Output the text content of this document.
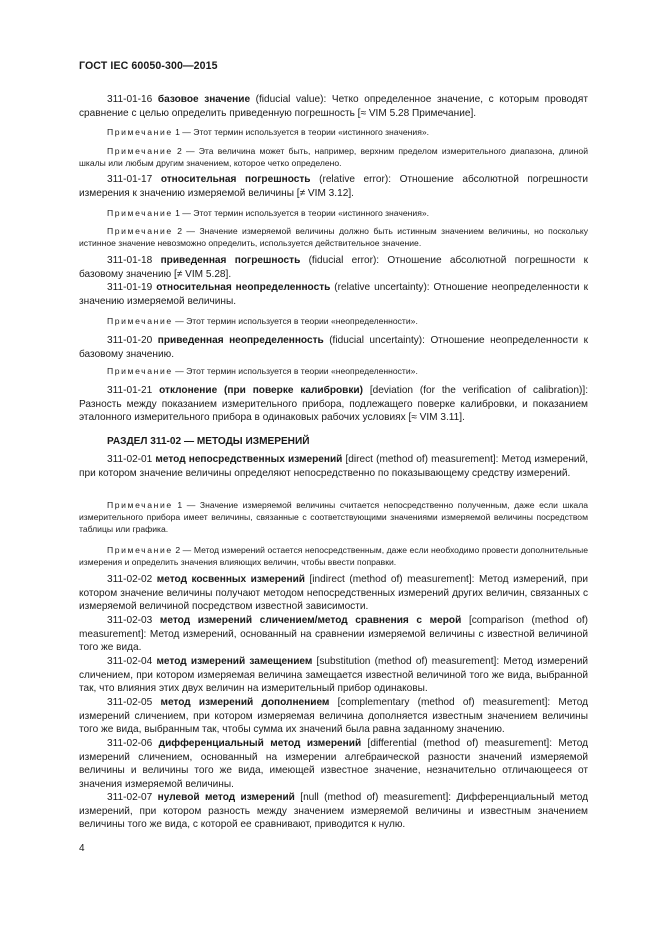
ГОСТ IEC 60050-300—2015

311-01-16 базовое значение (fiducial value): Четко определенное значение, с которым проводят сравнение с целью определить приведенную погрешность [≈ VIM 5.28 Примечание].

Примечание 1 — Этот термин используется в теории «истинного значения».

Примечание 2 — Эта величина может быть, например, верхним пределом измерительного диапазона, длиной шкалы или любым другим значением, которое четко определено.

311-01-17 относительная погрешность (relative error): Отношение абсолютной погрешности измерения к значению измеряемой величины [≠ VIM 3.12].

Примечание 1 — Этот термин используется в теории «истинного значения».

Примечание 2 — Значение измеряемой величины должно быть истинным значением величины, но поскольку истинное значение невозможно определить, используется действительное значение.

311-01-18 приведенная погрешность (fiducial error): Отношение абсолютной погрешности к базовому значению [≠ VIM 5.28].

311-01-19 относительная неопределенность (relative uncertainty): Отношение неопределенности к значению измеряемой величины.

Примечание — Этот термин используется в теории «неопределенности».

311-01-20 приведенная неопределенность (fiducial uncertainty): Отношение неопределенности к базовому значению.

Примечание — Этот термин используется в теории «неопределенности».

311-01-21 отклонение (при поверке калибровки) [deviation (for the verification of calibration)]: Разность между показанием измерительного прибора, подлежащего поверке калибровки, и показанием эталонного измерительного прибора в одинаковых рабочих условиях [≈ VIM 3.11].

РАЗДЕЛ 311-02 — МЕТОДЫ ИЗМЕРЕНИЙ

311-02-01 метод непосредственных измерений [direct (method of) measurement]: Метод измерений, при котором значение величины определяют непосредственно по показывающему средству измерений.

Примечание 1 — Значение измеряемой величины считается непосредственно полученным, даже если шкала измерительного прибора имеет величины, связанные с соответствующими значениями измеряемой величины посредством таблицы или графика.

Примечание 2 — Метод измерений остается непосредственным, даже если необходимо провести дополнительные измерения и определить значения влияющих величин, чтобы ввести поправки.

311-02-02 метод косвенных измерений [indirect (method of) measurement]: Метод измерений, при котором значение величины получают методом непосредственных измерений других величин, связанных с измеряемой величиной посредством известной зависимости.

311-02-03 метод измерений сличением/метод сравнения с мерой [comparison (method of) measurement]: Метод измерений, основанный на сравнении измеряемой величины с известной величиной того же вида.

311-02-04 метод измерений замещением [substitution (method of) measurement]: Метод измерений сличением, при котором измеряемая величина замещается известной величиной того же вида, выбранной так, что влияния этих двух величин на измерительный прибор одинаковы.

311-02-05 метод измерений дополнением [complementary (method of) measurement]: Метод измерений сличением, при котором измеряемая величина дополняется известным значением величины того же вида, выбранным так, чтобы сумма их значений была равна заданному значению.

311-02-06 дифференциальный метод измерений [differential (method of) measurement]: Метод измерений сличением, основанный на измерении алгебраической разности значений измеряемой величины и величины того же вида, имеющей известное значение, незначительно отличающееся от значения измеряемой величины.

311-02-07 нулевой метод измерений [null (method of) measurement]: Дифференциальный метод измерений, при котором разность между значением измеряемой величины и известным значением величины того же вида, с которой ее сравнивают, приводится к нулю.

4
